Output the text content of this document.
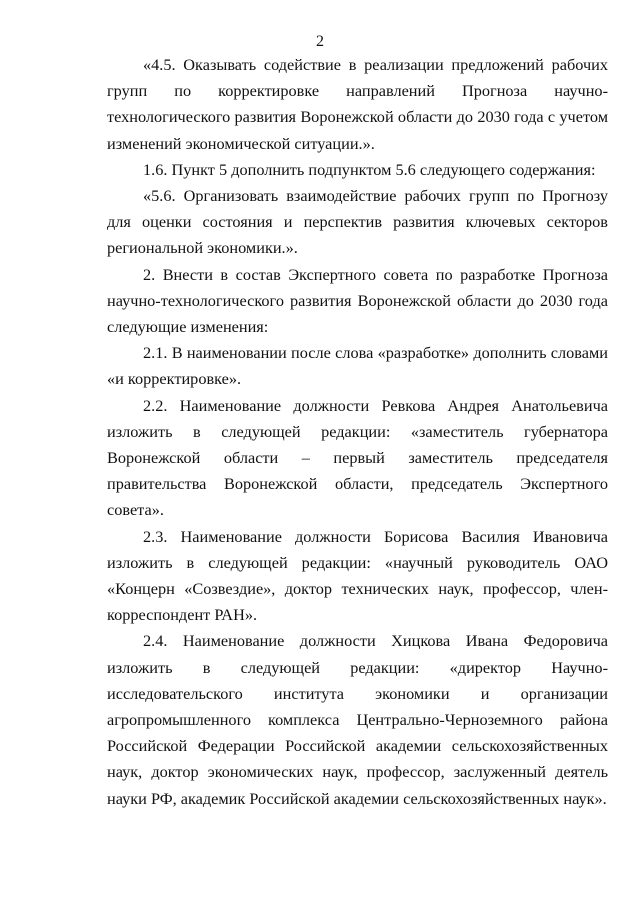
2

«4.5. Оказывать содействие в реализации предложений рабочих групп по корректировке направлений Прогноза научно-технологического развития Воронежской области до 2030 года с учетом изменений экономической ситуации.».

1.6. Пункт 5 дополнить подпунктом 5.6 следующего содержания:

«5.6. Организовать взаимодействие рабочих групп по Прогнозу для оценки состояния и перспектив развития ключевых секторов региональной экономики.».

2. Внести в состав Экспертного совета по разработке Прогноза научно-технологического развития Воронежской области до 2030 года следующие изменения:

2.1. В наименовании после слова «разработке» дополнить словами «и корректировке».

2.2. Наименование должности Ревкова Андрея Анатольевича изложить в следующей редакции: «заместитель губернатора Воронежской области – первый заместитель председателя правительства Воронежской области, председатель Экспертного совета».

2.3. Наименование должности Борисова Василия Ивановича изложить в следующей редакции: «научный руководитель ОАО «Концерн «Созвездие», доктор технических наук, профессор, член-корреспондент РАН».

2.4. Наименование должности Хицкова Ивана Федоровича изложить в следующей редакции: «директор Научно-исследовательского института экономики и организации агропромышленного комплекса Центрально-Черноземного района Российской Федерации Российской академии сельскохозяйственных наук, доктор экономических наук, профессор, заслуженный деятель науки РФ, академик Российской академии сельскохозяйственных наук».
